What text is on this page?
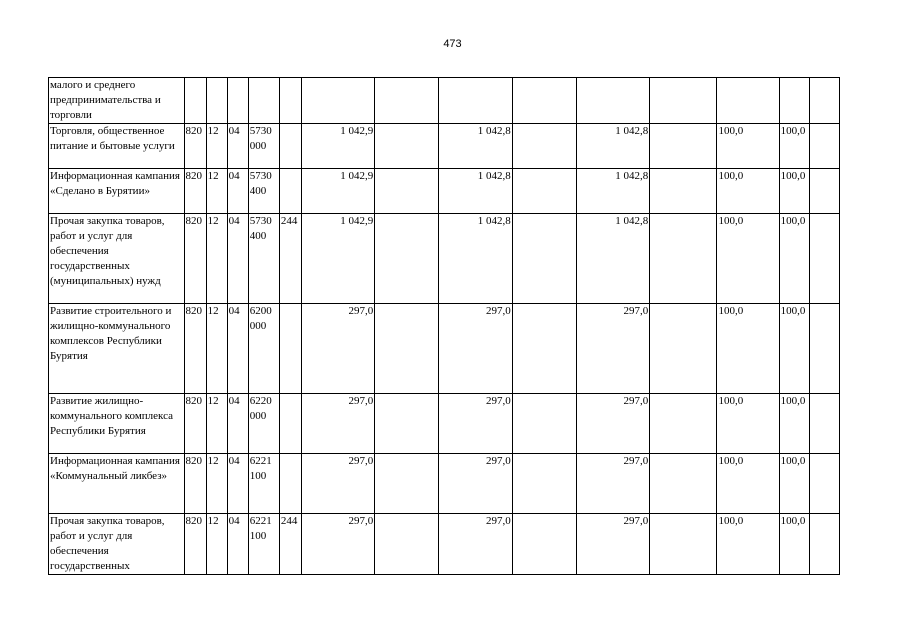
473
малого и среднего предпринимательства и торговли														
Торговля, общественное питание и бытовые услуги	820	12	04	5730 000		1 042,9		1 042,8		1 042,8		100,0	100,0	
Информационная кампания «Сделано в Бурятии»	820	12	04	5730 400		1 042,9		1 042,8		1 042,8		100,0	100,0	
Прочая закупка товаров, работ и услуг для обеспечения государственных (муниципальных) нужд	820	12	04	5730 400	244	1 042,9		1 042,8		1 042,8		100,0	100,0	
Развитие строительного и жилищно-коммунального комплексов Республики Бурятия	820	12	04	6200 000		297,0		297,0		297,0		100,0	100,0	
Развитие жилищно-коммунального комплекса Республики Бурятия	820	12	04	6220 000		297,0		297,0		297,0		100,0	100,0	
Информационная кампания «Коммунальный ликбез»	820	12	04	6221 100		297,0		297,0		297,0		100,0	100,0	
Прочая закупка товаров, работ и услуг для обеспечения государственных	820	12	04	6221 100	244	297,0		297,0		297,0		100,0	100,0	
